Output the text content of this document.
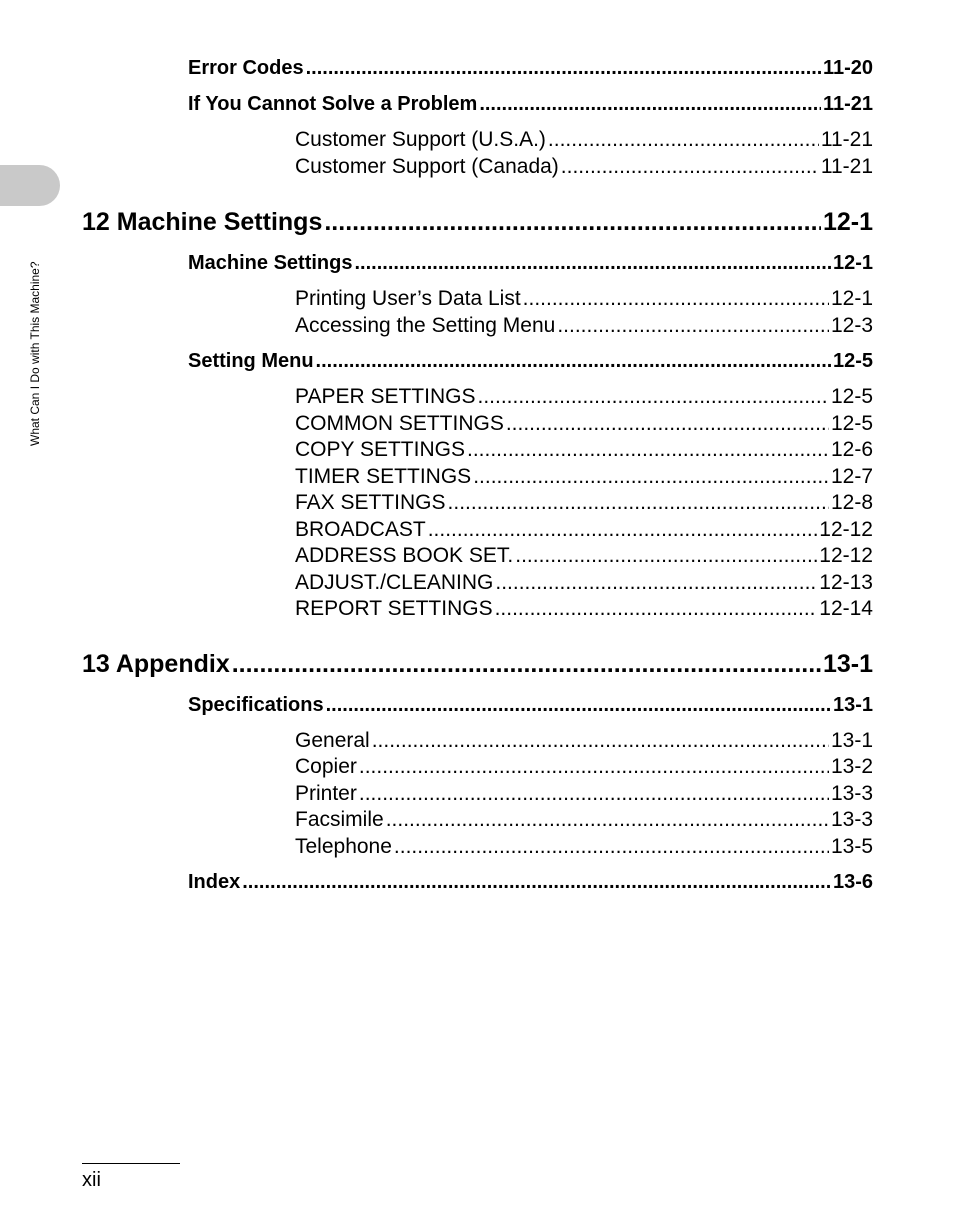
What Can I Do with This Machine?
Error Codes .....	11-20
If You Cannot Solve a Problem .....	11-21
Customer Support (U.S.A.) .....	11-21
Customer Support (Canada) .....	11-21
12 Machine Settings .....	12-1
Machine Settings .....	12-1
Printing User’s Data List .....	12-1
Accessing the Setting Menu .....	12-3
Setting Menu .....	12-5
PAPER SETTINGS .....	12-5
COMMON SETTINGS .....	12-5
COPY SETTINGS .....	12-6
TIMER SETTINGS .....	12-7
FAX SETTINGS .....	12-8
BROADCAST .....	12-12
ADDRESS BOOK SET. .....	12-12
ADJUST./CLEANING .....	12-13
REPORT SETTINGS .....	12-14
13 Appendix .....	13-1
Specifications .....	13-1
General .....	13-1
Copier .....	13-2
Printer .....	13-3
Facsimile .....	13-3
Telephone .....	13-5
Index .....	13-6
xii
